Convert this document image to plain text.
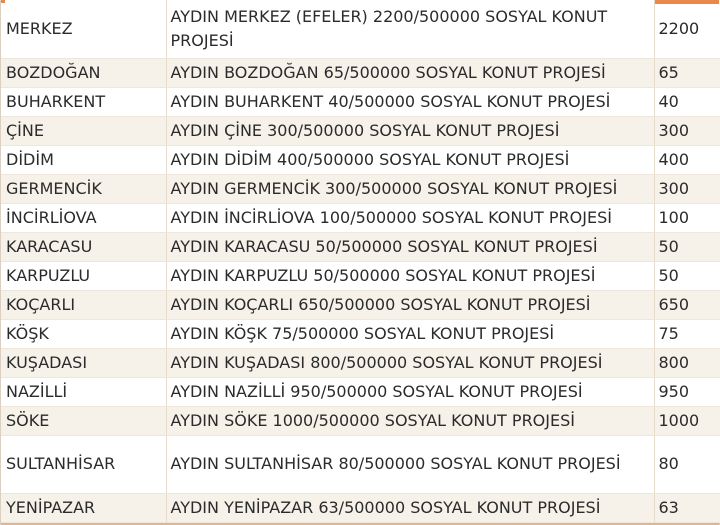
MERKEZ	AYDIN MERKEZ (EFELER) 2200/500000 SOSYAL KONUT PROJESİ	2200
BOZDOĞAN	AYDIN BOZDOĞAN 65/500000 SOSYAL KONUT PROJESİ	65
BUHARKENT	AYDIN BUHARKENT 40/500000 SOSYAL KONUT PROJESİ	40
ÇİNE	AYDIN ÇİNE 300/500000 SOSYAL KONUT PROJESİ	300
DİDİM	AYDIN DİDİM 400/500000 SOSYAL KONUT PROJESİ	400
GERMENCİK	AYDIN GERMENCİK 300/500000 SOSYAL KONUT PROJESİ	300
İNCİRLİOVA	AYDIN İNCİRLİOVA 100/500000 SOSYAL KONUT PROJESİ	100
KARACASU	AYDIN KARACASU 50/500000 SOSYAL KONUT PROJESİ	50
KARPUZLU	AYDIN KARPUZLU 50/500000 SOSYAL KONUT PROJESİ	50
KOÇARLI	AYDIN KOÇARLI 650/500000 SOSYAL KONUT PROJESİ	650
KÖŞK	AYDIN KÖŞK 75/500000 SOSYAL KONUT PROJESİ	75
KUŞADASI	AYDIN KUŞADASI 800/500000 SOSYAL KONUT PROJESİ	800
NAZİLLİ	AYDIN NAZİLLİ 950/500000 SOSYAL KONUT PROJESİ	950
SÖKE	AYDIN SÖKE 1000/500000 SOSYAL KONUT PROJESİ	1000
SULTANHİSAR	AYDIN SULTANHİSAR 80/500000 SOSYAL KONUT PROJESİ	80
YENİPAZAR	AYDIN YENİPAZAR 63/500000 SOSYAL KONUT PROJESİ	63
